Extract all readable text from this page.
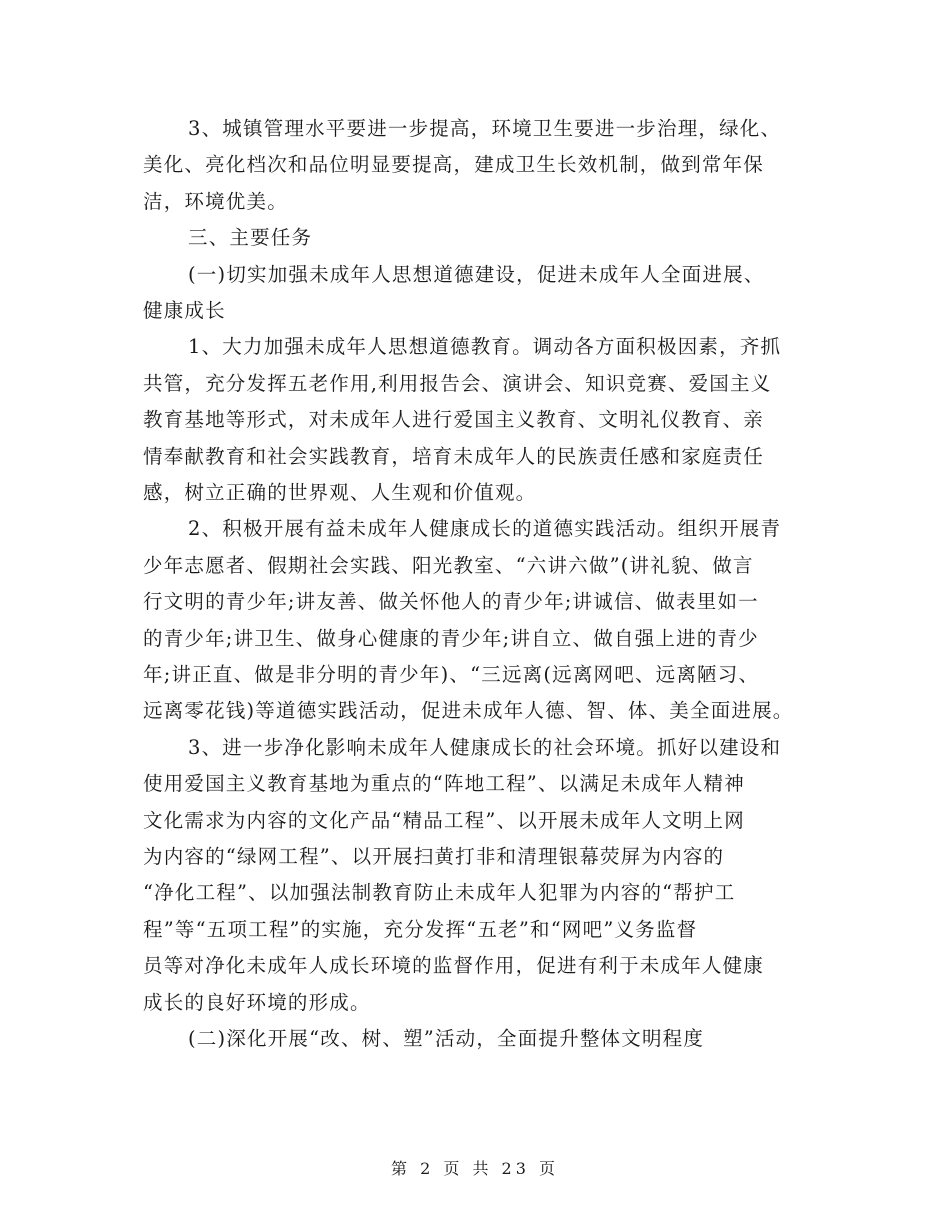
3、城镇管理水平要进一步提高，环境卫生要进一步治理，绿化、
美化、亮化档次和品位明显要提高，建成卫生长效机制，做到常年保
洁，环境优美。
三、主要任务
(一)切实加强未成年人思想道德建设，促进未成年人全面进展、
健康成长
1、大力加强未成年人思想道德教育。调动各方面积极因素，齐抓
共管，充分发挥五老作用,利用报告会、演讲会、知识竞赛、爱国主义
教育基地等形式，对未成年人进行爱国主义教育、文明礼仪教育、亲
情奉献教育和社会实践教育，培育未成年人的民族责任感和家庭责任
感，树立正确的世界观、人生观和价值观。
2、积极开展有益未成年人健康成长的道德实践活动。组织开展青
少年志愿者、假期社会实践、阳光教室、“六讲六做”(讲礼貌、做言
行文明的青少年;讲友善、做关怀他人的青少年;讲诚信、做表里如一
的青少年;讲卫生、做身心健康的青少年;讲自立、做自强上进的青少
年;讲正直、做是非分明的青少年)、“三远离(远离网吧、远离陋习、
远离零花钱)等道德实践活动，促进未成年人德、智、体、美全面进展。
3、进一步净化影响未成年人健康成长的社会环境。抓好以建设和
使用爱国主义教育基地为重点的“阵地工程”、以满足未成年人精神
文化需求为内容的文化产品“精品工程”、以开展未成年人文明上网
为内容的“绿网工程”、以开展扫黄打非和清理银幕荧屏为内容的
“净化工程”、以加强法制教育防止未成年人犯罪为内容的“帮护工
程”等“五项工程”的实施，充分发挥“五老”和“网吧”义务监督
员等对净化未成年人成长环境的监督作用，促进有利于未成年人健康
成长的良好环境的形成。
(二)深化开展“改、树、塑”活动，全面提升整体文明程度
第 2 页 共 23 页
